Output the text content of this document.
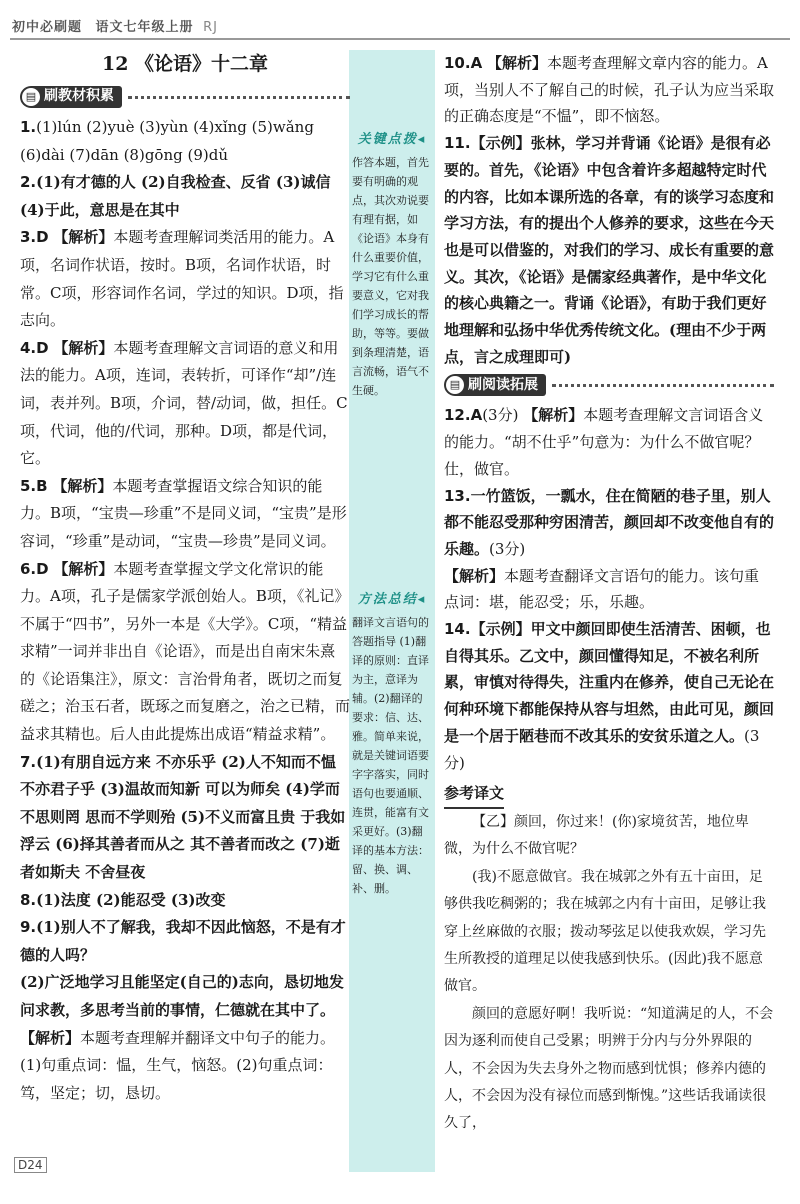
初中必刷题 语文七年级上册 RJ
关键点拨◂
作答本题，首先要有明确的观点，其次劝说要有理有据，如《论语》本身有什么重要价值，学习它有什么重要意义，它对我们学习成长的帮助，等等。要做到条理清楚，语言流畅，语气不生硬。
方法总结◂
翻译文言语句的答题指导 (1)翻译的原则：直译为主，意译为辅。(2)翻译的要求：信、达、雅。简单来说，就是关键词语要字字落实，同时语句也要通顺、连贯，能富有文采更好。(3)翻译的基本方法：留、换、调、补、删。
12 《论语》十二章
▤ 刷教材积累

1.(1)lún (2)yuè (3)yùn (4)xǐng (5)wǎng (6)dài (7)dān (8)gōng (9)dǔ

2.(1)有才德的人 (2)自我检查、反省 (3)诚信 (4)于此，意思是在其中

3.D 【解析】本题考查理解词类活用的能力。A项，名词作状语，按时。B项，名词作状语，时常。C项，形容词作名词，学过的知识。D项，指志向。

4.D 【解析】本题考查理解文言词语的意义和用法的能力。A项，连词，表转折，可译作“却”/连词，表并列。B项，介词，替/动词，做，担任。C项，代词，他的/代词，那种。D项，都是代词，它。

5.B 【解析】本题考查掌握语文综合知识的能力。B项，“宝贵—珍重”不是同义词，“宝贵”是形容词，“珍重”是动词，“宝贵—珍贵”是同义词。

6.D 【解析】本题考查掌握文学文化常识的能力。A项，孔子是儒家学派创始人。B项，《礼记》不属于“四书”，另外一本是《大学》。C项，“精益求精”一词并非出自《论语》，而是出自南宋朱熹的《论语集注》，原文：言治骨角者，既切之而复磋之；治玉石者，既琢之而复磨之，治之已精，而益求其精也。后人由此提炼出成语“精益求精”。

7.(1)有朋自远方来 不亦乐乎 (2)人不知而不愠 不亦君子乎 (3)温故而知新 可以为师矣 (4)学而不思则罔 思而不学则殆 (5)不义而富且贵 于我如浮云 (6)择其善者而从之 其不善者而改之 (7)逝者如斯夫 不舍昼夜

8.(1)法度 (2)能忍受 (3)改变

9.(1)别人不了解我，我却不因此恼怒，不是有才德的人吗？

(2)广泛地学习且能坚定(自己的)志向，恳切地发问求教，多思考当前的事情，仁德就在其中了。

【解析】本题考查理解并翻译文中句子的能力。(1)句重点词：愠，生气，恼怒。(2)句重点词：笃，坚定；切，恳切。

10.A 【解析】本题考查理解文章内容的能力。A项，当别人不了解自己的时候，孔子认为应当采取的正确态度是“不愠”，即不恼怒。

11.【示例】张林，学习并背诵《论语》是很有必要的。首先，《论语》中包含着许多超越特定时代的内容，比如本课所选的各章，有的谈学习态度和学习方法，有的提出个人修养的要求，这些在今天也是可以借鉴的，对我们的学习、成长有重要的意义。其次，《论语》是儒家经典著作，是中华文化的核心典籍之一。背诵《论语》，有助于我们更好地理解和弘扬中华优秀传统文化。(理由不少于两点，言之成理即可)

▤ 刷阅读拓展

12.A(3分) 【解析】本题考查理解文言词语含义的能力。“胡不仕乎”句意为：为什么不做官呢？仕，做官。

13.一竹篮饭，一瓢水，住在简陋的巷子里，别人都不能忍受那种穷困清苦，颜回却不改变他自有的乐趣。(3分)

【解析】本题考查翻译文言语句的能力。该句重点词：堪，能忍受；乐，乐趣。

14.【示例】甲文中颜回即使生活清苦、困顿，也自得其乐。乙文中，颜回懂得知足，不被名利所累，审慎对待得失，注重内在修养，使自己无论在何种环境下都能保持从容与坦然，由此可见，颜回是一个居于陋巷而不改其乐的安贫乐道之人。(3分)

参考译文

【乙】颜回，你过来！(你)家境贫苦，地位卑微，为什么不做官呢？

(我)不愿意做官。我在城郭之外有五十亩田，足够供我吃稠粥的；我在城郭之内有十亩田，足够让我穿上丝麻做的衣服；拨动琴弦足以使我欢娱，学习先生所教授的道理足以使我感到快乐。(因此)我不愿意做官。

颜回的意愿好啊！我听说：“知道满足的人，不会因为逐利而使自己受累；明辨于分内与分外界限的人，不会因为失去身外之物而感到忧惧；修养内德的人，不会因为没有禄位而感到惭愧。”这些话我诵读很久了，

D24
